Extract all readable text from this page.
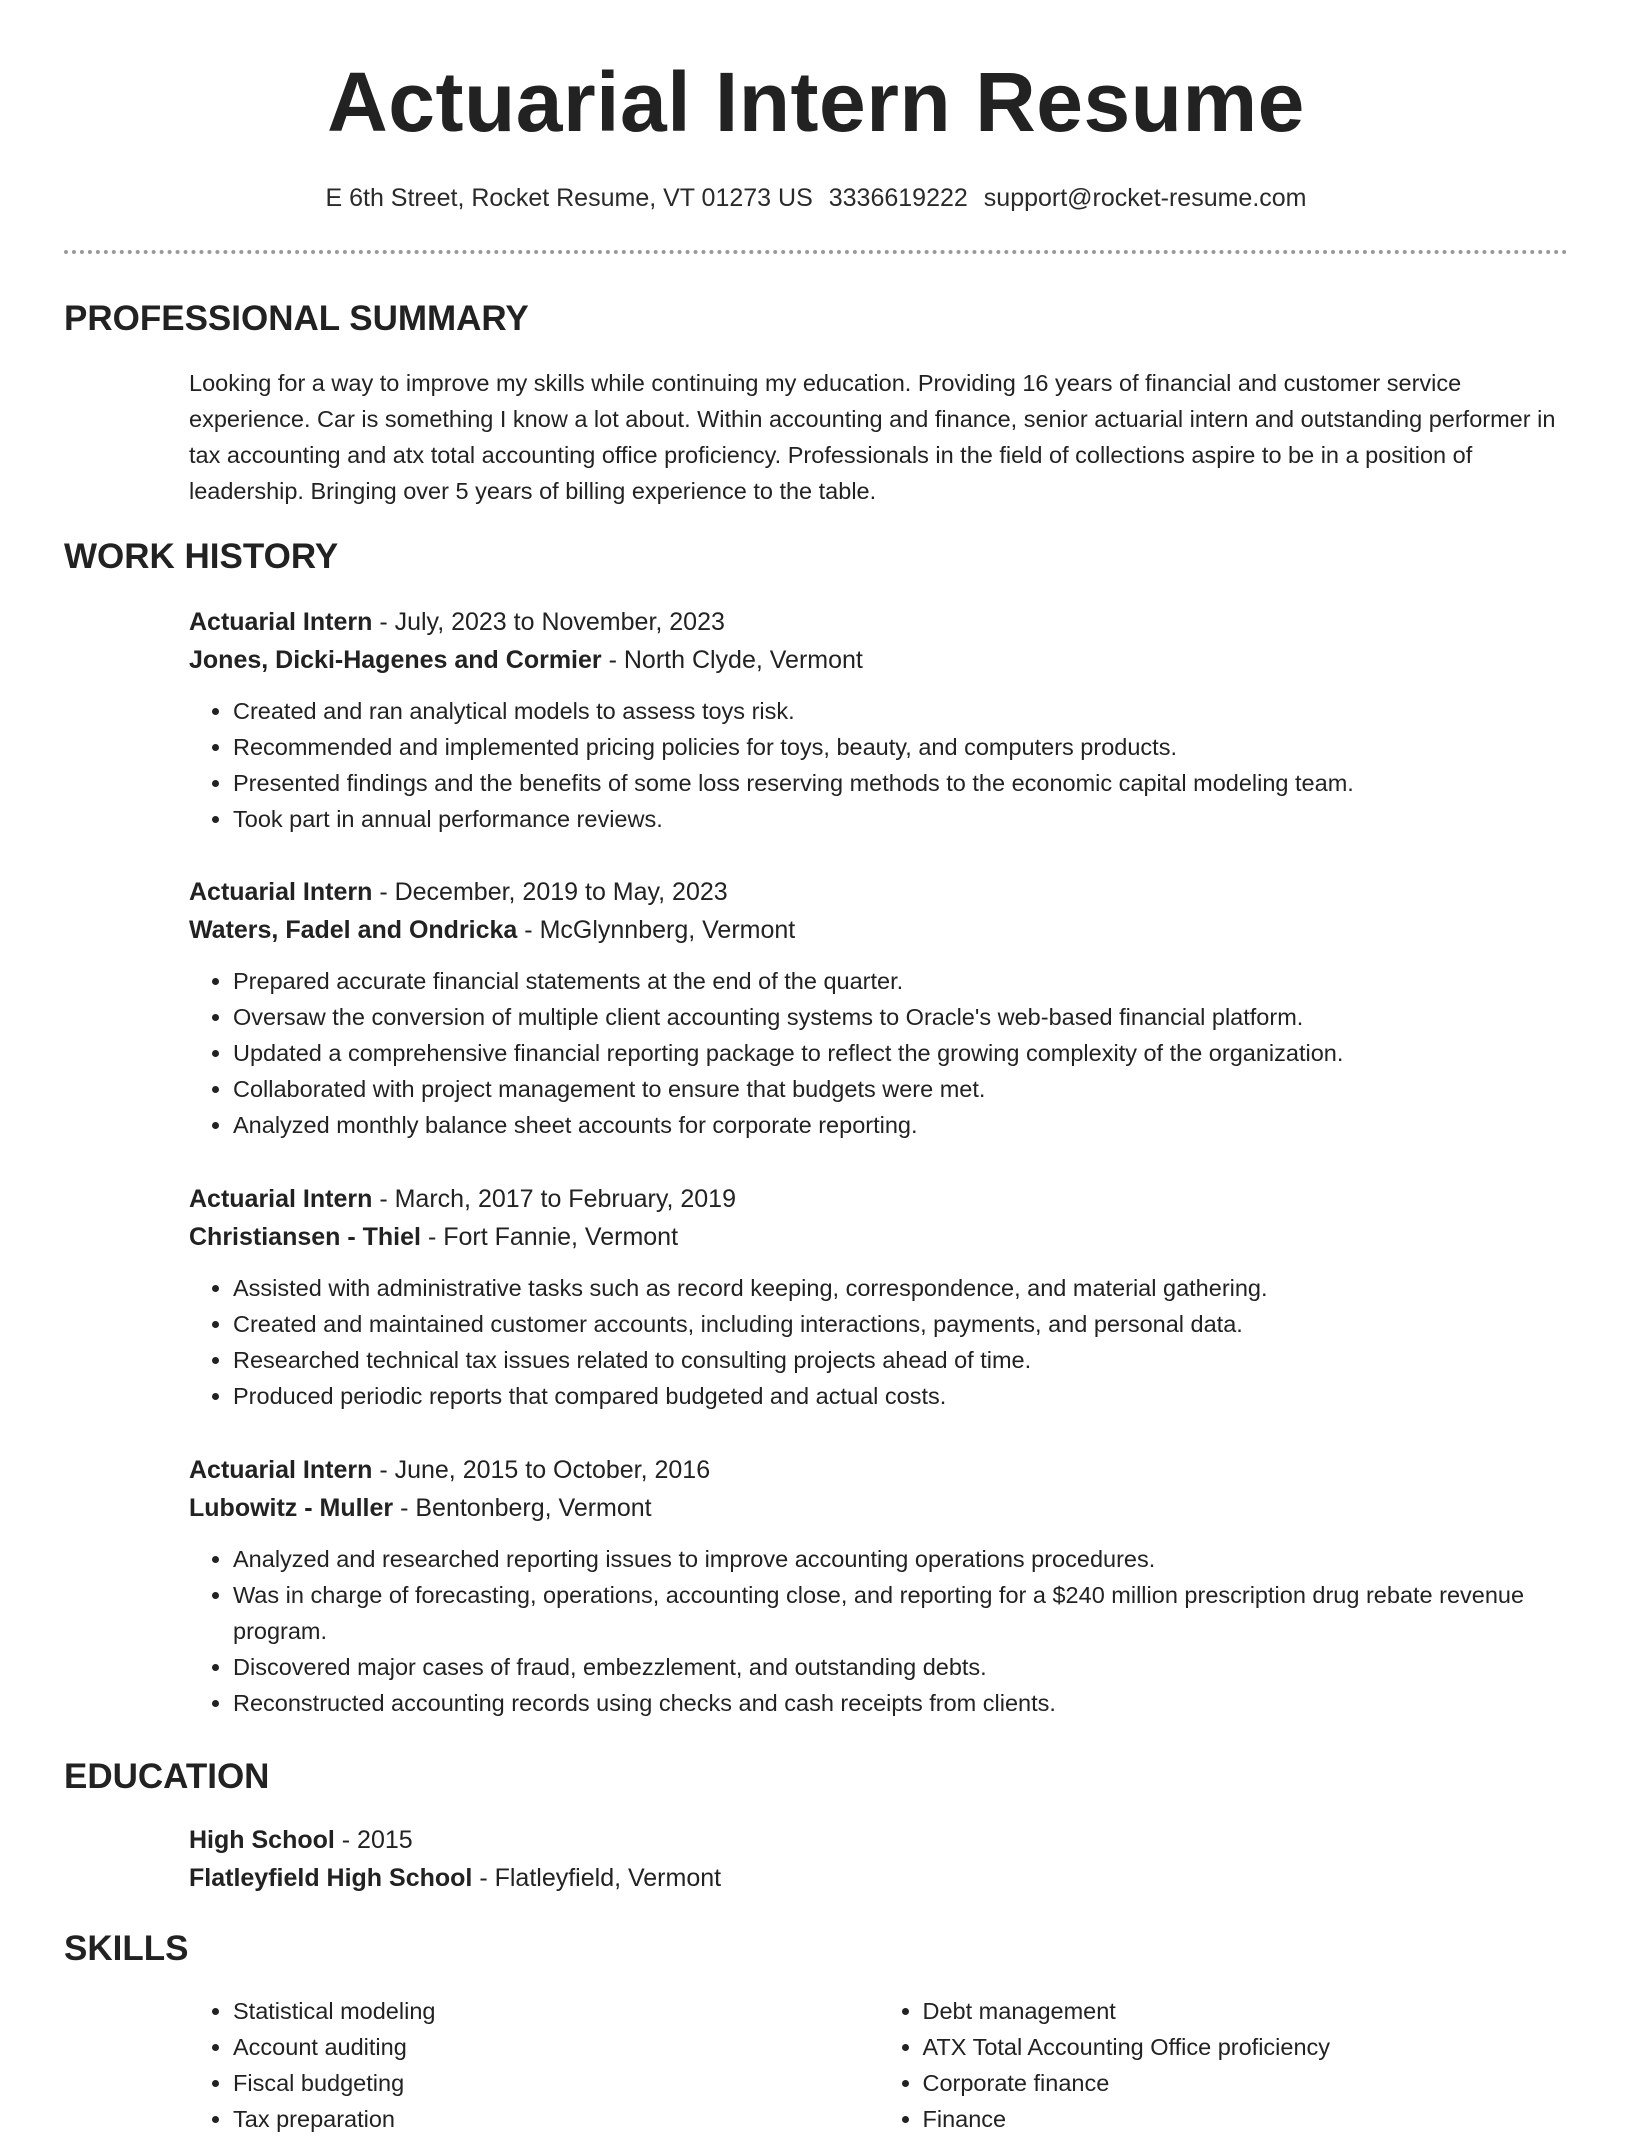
Actuarial Intern Resume
E 6th Street, Rocket Resume, VT 01273 US 3336619222 support@rocket-resume.com
PROFESSIONAL SUMMARY

Looking for a way to improve my skills while continuing my education. Providing 16 years of financial and customer service experience. Car is something I know a lot about. Within accounting and finance, senior actuarial intern and outstanding performer in tax accounting and atx total accounting office proficiency. Professionals in the field of collections aspire to be in a position of leadership. Bringing over 5 years of billing experience to the table.

WORK HISTORY

Actuarial Intern - July, 2023 to November, 2023

Jones, Dicki-Hagenes and Cormier - North Clyde, Vermont

• Created and ran analytical models to assess toys risk.
• Recommended and implemented pricing policies for toys, beauty, and computers products.
• Presented findings and the benefits of some loss reserving methods to the economic capital modeling team.
• Took part in annual performance reviews.

Actuarial Intern - December, 2019 to May, 2023

Waters, Fadel and Ondricka - McGlynnberg, Vermont

• Prepared accurate financial statements at the end of the quarter.
• Oversaw the conversion of multiple client accounting systems to Oracle's web-based financial platform.
• Updated a comprehensive financial reporting package to reflect the growing complexity of the organization.
• Collaborated with project management to ensure that budgets were met.
• Analyzed monthly balance sheet accounts for corporate reporting.

Actuarial Intern - March, 2017 to February, 2019

Christiansen - Thiel - Fort Fannie, Vermont

• Assisted with administrative tasks such as record keeping, correspondence, and material gathering.
• Created and maintained customer accounts, including interactions, payments, and personal data.
• Researched technical tax issues related to consulting projects ahead of time.
• Produced periodic reports that compared budgeted and actual costs.

Actuarial Intern - June, 2015 to October, 2016

Lubowitz - Muller - Bentonberg, Vermont

• Analyzed and researched reporting issues to improve accounting operations procedures.
• Was in charge of forecasting, operations, accounting close, and reporting for a $240 million prescription drug rebate revenue program.
• Discovered major cases of fraud, embezzlement, and outstanding debts.
• Reconstructed accounting records using checks and cash receipts from clients.
EDUCATION

High School - 2015

Flatleyfield High School - Flatleyfield, Vermont

SKILLS
• Statistical modeling
• Account auditing
• Fiscal budgeting
• Tax preparation
• Debt management
• ATX Total Accounting Office proficiency
• Corporate finance
• Finance
